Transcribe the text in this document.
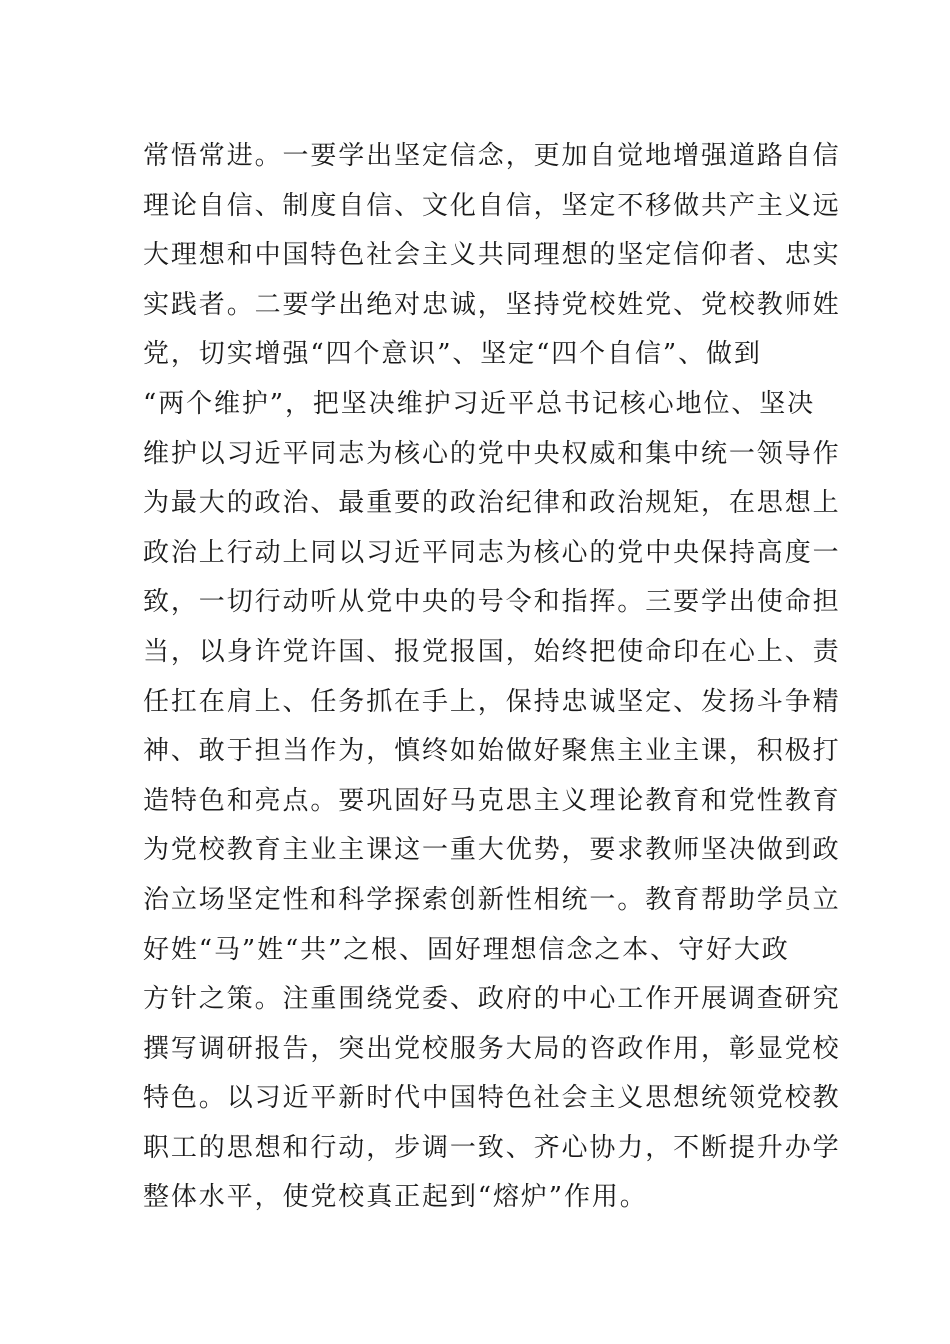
常悟常进。一要学出坚定信念，更加自觉地增强道路自信
理论自信、制度自信、文化自信，坚定不移做共产主义远
大理想和中国特色社会主义共同理想的坚定信仰者、忠实
实践者。二要学出绝对忠诚，坚持党校姓党、党校教师姓
党，切实增强“四个意识”、坚定“四个自信”、做到
“两个维护”，把坚决维护习近平总书记核心地位、坚决
维护以习近平同志为核心的党中央权威和集中统一领导作
为最大的政治、最重要的政治纪律和政治规矩，在思想上
政治上行动上同以习近平同志为核心的党中央保持高度一
致，一切行动听从党中央的号令和指挥。三要学出使命担
当，以身许党许国、报党报国，始终把使命印在心上、责
任扛在肩上、任务抓在手上，保持忠诚坚定、发扬斗争精
神、敢于担当作为，慎终如始做好聚焦主业主课，积极打
造特色和亮点。要巩固好马克思主义理论教育和党性教育
为党校教育主业主课这一重大优势，要求教师坚决做到政
治立场坚定性和科学探索创新性相统一。教育帮助学员立
好姓“马”姓“共”之根、固好理想信念之本、守好大政
方针之策。注重围绕党委、政府的中心工作开展调查研究
撰写调研报告，突出党校服务大局的咨政作用，彰显党校
特色。以习近平新时代中国特色社会主义思想统领党校教
职工的思想和行动，步调一致、齐心协力，不断提升办学
整体水平，使党校真正起到“熔炉”作用。
